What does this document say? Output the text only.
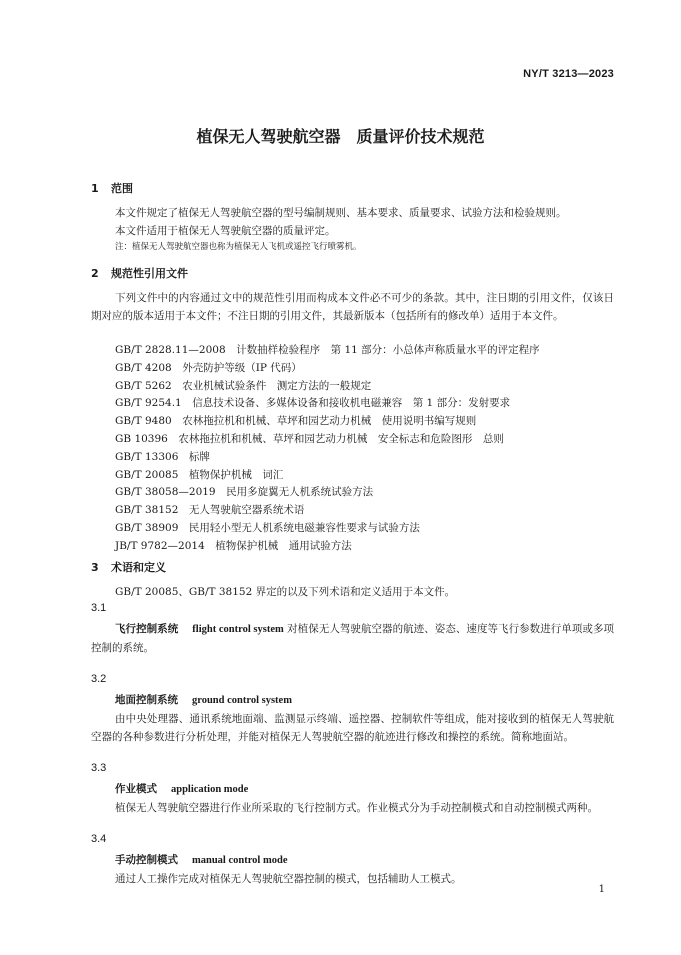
NY/T 3213—2023
植保无人驾驶航空器　质量评价技术规范
1 范围
本文件规定了植保无人驾驶航空器的型号编制规则、基本要求、质量要求、试验方法和检验规则。
本文件适用于植保无人驾驶航空器的质量评定。
注：植保无人驾驶航空器也称为植保无人飞机或遥控飞行喷雾机。
2 规范性引用文件
下列文件中的内容通过文中的规范性引用而构成本文件必不可少的条款。其中，注日期的引用文件，仅该日期对应的版本适用于本文件；不注日期的引用文件，其最新版本（包括所有的修改单）适用于本文件。
GB/T 2828.11—2008　计数抽样检验程序　第 11 部分：小总体声称质量水平的评定程序
GB/T 4208　外壳防护等级（IP 代码）
GB/T 5262　农业机械试验条件　测定方法的一般规定
GB/T 9254.1　信息技术设备、多媒体设备和接收机电磁兼容　第 1 部分：发射要求
GB/T 9480　农林拖拉机和机械、草坪和园艺动力机械　使用说明书编写规则
GB 10396　农林拖拉机和机械、草坪和园艺动力机械　安全标志和危险图形　总则
GB/T 13306　标牌
GB/T 20085　植物保护机械　词汇
GB/T 38058—2019　民用多旋翼无人机系统试验方法
GB/T 38152　无人驾驶航空器系统术语
GB/T 38909　民用轻小型无人机系统电磁兼容性要求与试验方法
JB/T 9782—2014　植物保护机械　通用试验方法
3 术语和定义
GB/T 20085、GB/T 38152 界定的以及下列术语和定义适用于本文件。
3.1
飞行控制系统 flight control system 对植保无人驾驶航空器的航迹、姿态、速度等飞行参数进行单项或多项控制的系统。
3.2
地面控制系统 ground control system
由中央处理器、通讯系统地面端、监测显示终端、遥控器、控制软件等组成，能对接收到的植保无人驾驶航空器的各种参数进行分析处理，并能对植保无人驾驶航空器的航迹进行修改和操控的系统。简称地面站。
3.3
作业模式 application mode
植保无人驾驶航空器进行作业所采取的飞行控制方式。作业模式分为手动控制模式和自动控制模式两种。
3.4
手动控制模式 manual control mode
通过人工操作完成对植保无人驾驶航空器控制的模式，包括辅助人工模式。
1
